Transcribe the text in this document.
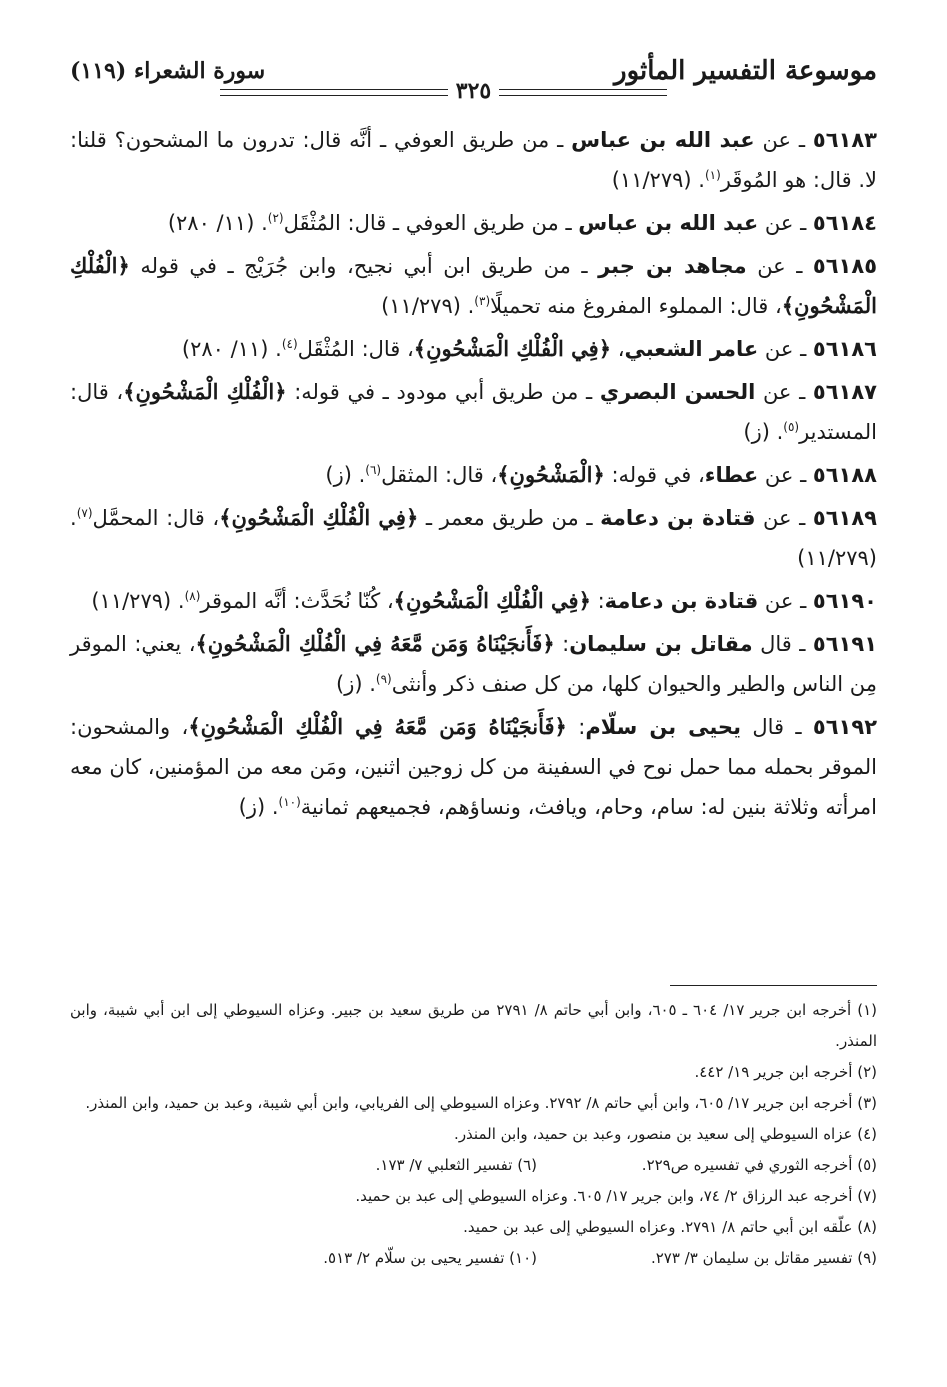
موسوعة التفسير المأثور
٣٢٥
سورة الشعراء (١١٩)

٥٦١٨٣ ـ عن عبد الله بن عباس ـ من طريق العوفي ـ أنَّه قال: تدرون ما المشحون؟ قلنا: لا. قال: هو المُوقَر$^{(١)}$. (١١/٢٧٩)

٥٦١٨٤ ـ عن عبد الله بن عباس ـ من طريق العوفي ـ قال: المُثْقَل$^{(٢)}$. (١١/ ٢٨٠)

٥٦١٨٥ ـ عن مجاهد بن جبر ـ من طريق ابن أبي نجيح، وابن جُرَيْج ـ في قوله ﴿الْفُلْكِ الْمَشْحُونِ﴾، قال: المملوء المفروغ منه تحميلًا$^{(٣)}$. (١١/٢٧٩)

٥٦١٨٦ ـ عن عامر الشعبي، ﴿فِي الْفُلْكِ الْمَشْحُونِ﴾، قال: المُثْقَل$^{(٤)}$. (١١/ ٢٨٠)

٥٦١٨٧ ـ عن الحسن البصري ـ من طريق أبي مودود ـ في قوله: ﴿الْفُلْكِ الْمَشْحُونِ﴾، قال: المستدير$^{(٥)}$. (ز)

٥٦١٨٨ ـ عن عطاء، في قوله: ﴿الْمَشْحُونِ﴾، قال: المثقل$^{(٦)}$. (ز)

٥٦١٨٩ ـ عن قتادة بن دعامة ـ من طريق معمر ـ ﴿فِي الْفُلْكِ الْمَشْحُونِ﴾، قال: المحمَّل$^{(٧)}$. (١١/٢٧٩)

٥٦١٩٠ ـ عن قتادة بن دعامة: ﴿فِي الْفُلْكِ الْمَشْحُونِ﴾، كُنّا نُحَدَّث: أنَّه الموقر$^{(٨)}$. (١١/٢٧٩)

٥٦١٩١ ـ قال مقاتل بن سليمان: ﴿فَأَنجَيْنَاهُ وَمَن مَّعَهُ فِي الْفُلْكِ الْمَشْحُونِ﴾، يعني: الموقر مِن الناس والطير والحيوان كلها، من كل صنف ذكر وأنثى$^{(٩)}$. (ز)

٥٦١٩٢ ـ قال يحيى بن سلّام: ﴿فَأَنجَيْنَاهُ وَمَن مَّعَهُ فِي الْفُلْكِ الْمَشْحُونِ﴾، والمشحون: الموقر بحمله مما حمل نوح في السفينة من كل زوجين اثنين، ومَن معه من المؤمنين، كان معه امرأته وثلاثة بنين له: سام، وحام، ويافث، ونساؤهم، فجميعهم ثمانية$^{(١٠)}$. (ز)

(١) أخرجه ابن جرير ١٧/ ٦٠٤ ـ ٦٠٥، وابن أبي حاتم ٨/ ٢٧٩١ من طريق سعيد بن جبير. وعزاه السيوطي إلى ابن أبي شيبة، وابن المنذر.

(٢) أخرجه ابن جرير ١٩/ ٤٤٢.

(٣) أخرجه ابن جرير ١٧/ ٦٠٥، وابن أبي حاتم ٨/ ٢٧٩٢. وعزاه السيوطي إلى الفريابي، وابن أبي شيبة، وعبد بن حميد، وابن المنذر.

(٤) عزاه السيوطي إلى سعيد بن منصور، وعبد بن حميد، وابن المنذر.

(٥) أخرجه الثوري في تفسيره ص٢٢٩.
(٦) تفسير الثعلبي ٧/ ١٧٣.

(٧) أخرجه عبد الرزاق ٢/ ٧٤، وابن جرير ١٧/ ٦٠٥. وعزاه السيوطي إلى عبد بن حميد.

(٨) علّقه ابن أبي حاتم ٨/ ٢٧٩١. وعزاه السيوطي إلى عبد بن حميد.

(٩) تفسير مقاتل بن سليمان ٣/ ٢٧٣.
(١٠) تفسير يحيى بن سلّام ٢/ ٥١٣.
